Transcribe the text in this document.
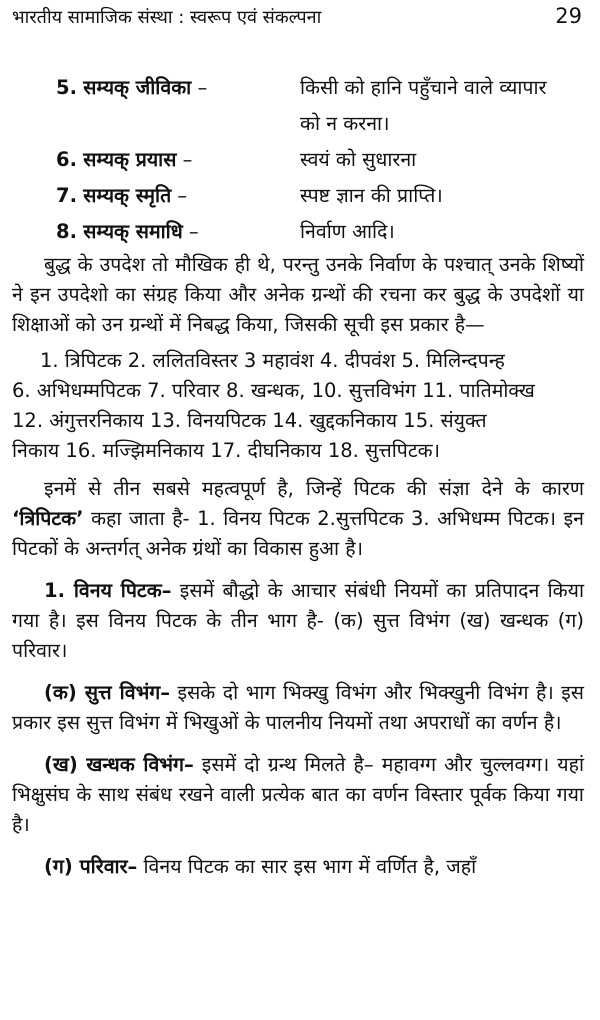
भारतीय सामाजिक संस्था : स्वरूप एवं संकल्पना	29
5. सम्यक् जीविका –	किसी को हानि पहुँचाने वाले व्यापार
को न करना।
6. सम्यक् प्रयास –	स्वयं को सुधारना
7. सम्यक् स्मृति –	स्पष्ट ज्ञान की प्राप्ति।
8. सम्यक् समाधि –	निर्वाण आदि।

बुद्ध के उपदेश तो मौखिक ही थे, परन्तु उनके निर्वाण के पश्चात् उनके शिष्यों ने इन उपदेशो का संग्रह किया और अनेक ग्रन्थों की रचना कर बुद्ध के उपदेशों या शिक्षाओं को उन ग्रन्थों में निबद्ध किया, जिसकी सूची इस प्रकार है—

1. त्रिपिटक 2. ललितविस्तर 3 महावंश 4. दीपवंश 5. मिलिन्दपन्ह
6. अभिधम्मपिटक 7. परिवार 8. खन्धक, 10. सुत्तविभंग 11. पातिमोक्ख
12. अंगुत्तरनिकाय 13. विनयपिटक 14. खुद्दकनिकाय 15. संयुक्त
निकाय 16. मज्झिमनिकाय 17. दीघनिकाय 18. सुत्तपिटक।

इनमें से तीन सबसे महत्वपूर्ण है, जिन्हें पिटक की संज्ञा देने के कारण ‘त्रिपिटक’ कहा जाता है- 1. विनय पिटक 2.सुत्तपिटक 3. अभिधम्म पिटक। इन पिटकों के अन्तर्गत् अनेक ग्रंथों का विकास हुआ है।

1. विनय पिटक– इसमें बौद्धो के आचार संबंधी नियमों का प्रतिपादन किया गया है। इस विनय पिटक के तीन भाग है- (क) सुत्त विभंग (ख) खन्धक (ग) परिवार।

(क) सुत्त विभंग– इसके दो भाग भिक्खु विभंग और भिक्खुनी विभंग है। इस प्रकार इस सुत्त विभंग में भिखुओं के पालनीय नियमों तथा अपराधों का वर्णन है।

(ख) खन्धक विभंग– इसमें दो ग्रन्थ मिलते है– महावग्ग और चुल्लवग्ग। यहां भिक्षुसंघ के साथ संबंध रखने वाली प्रत्येक बात का वर्णन विस्तार पूर्वक किया गया है।

(ग) परिवार– विनय पिटक का सार इस भाग में वर्णित है, जहाँ
